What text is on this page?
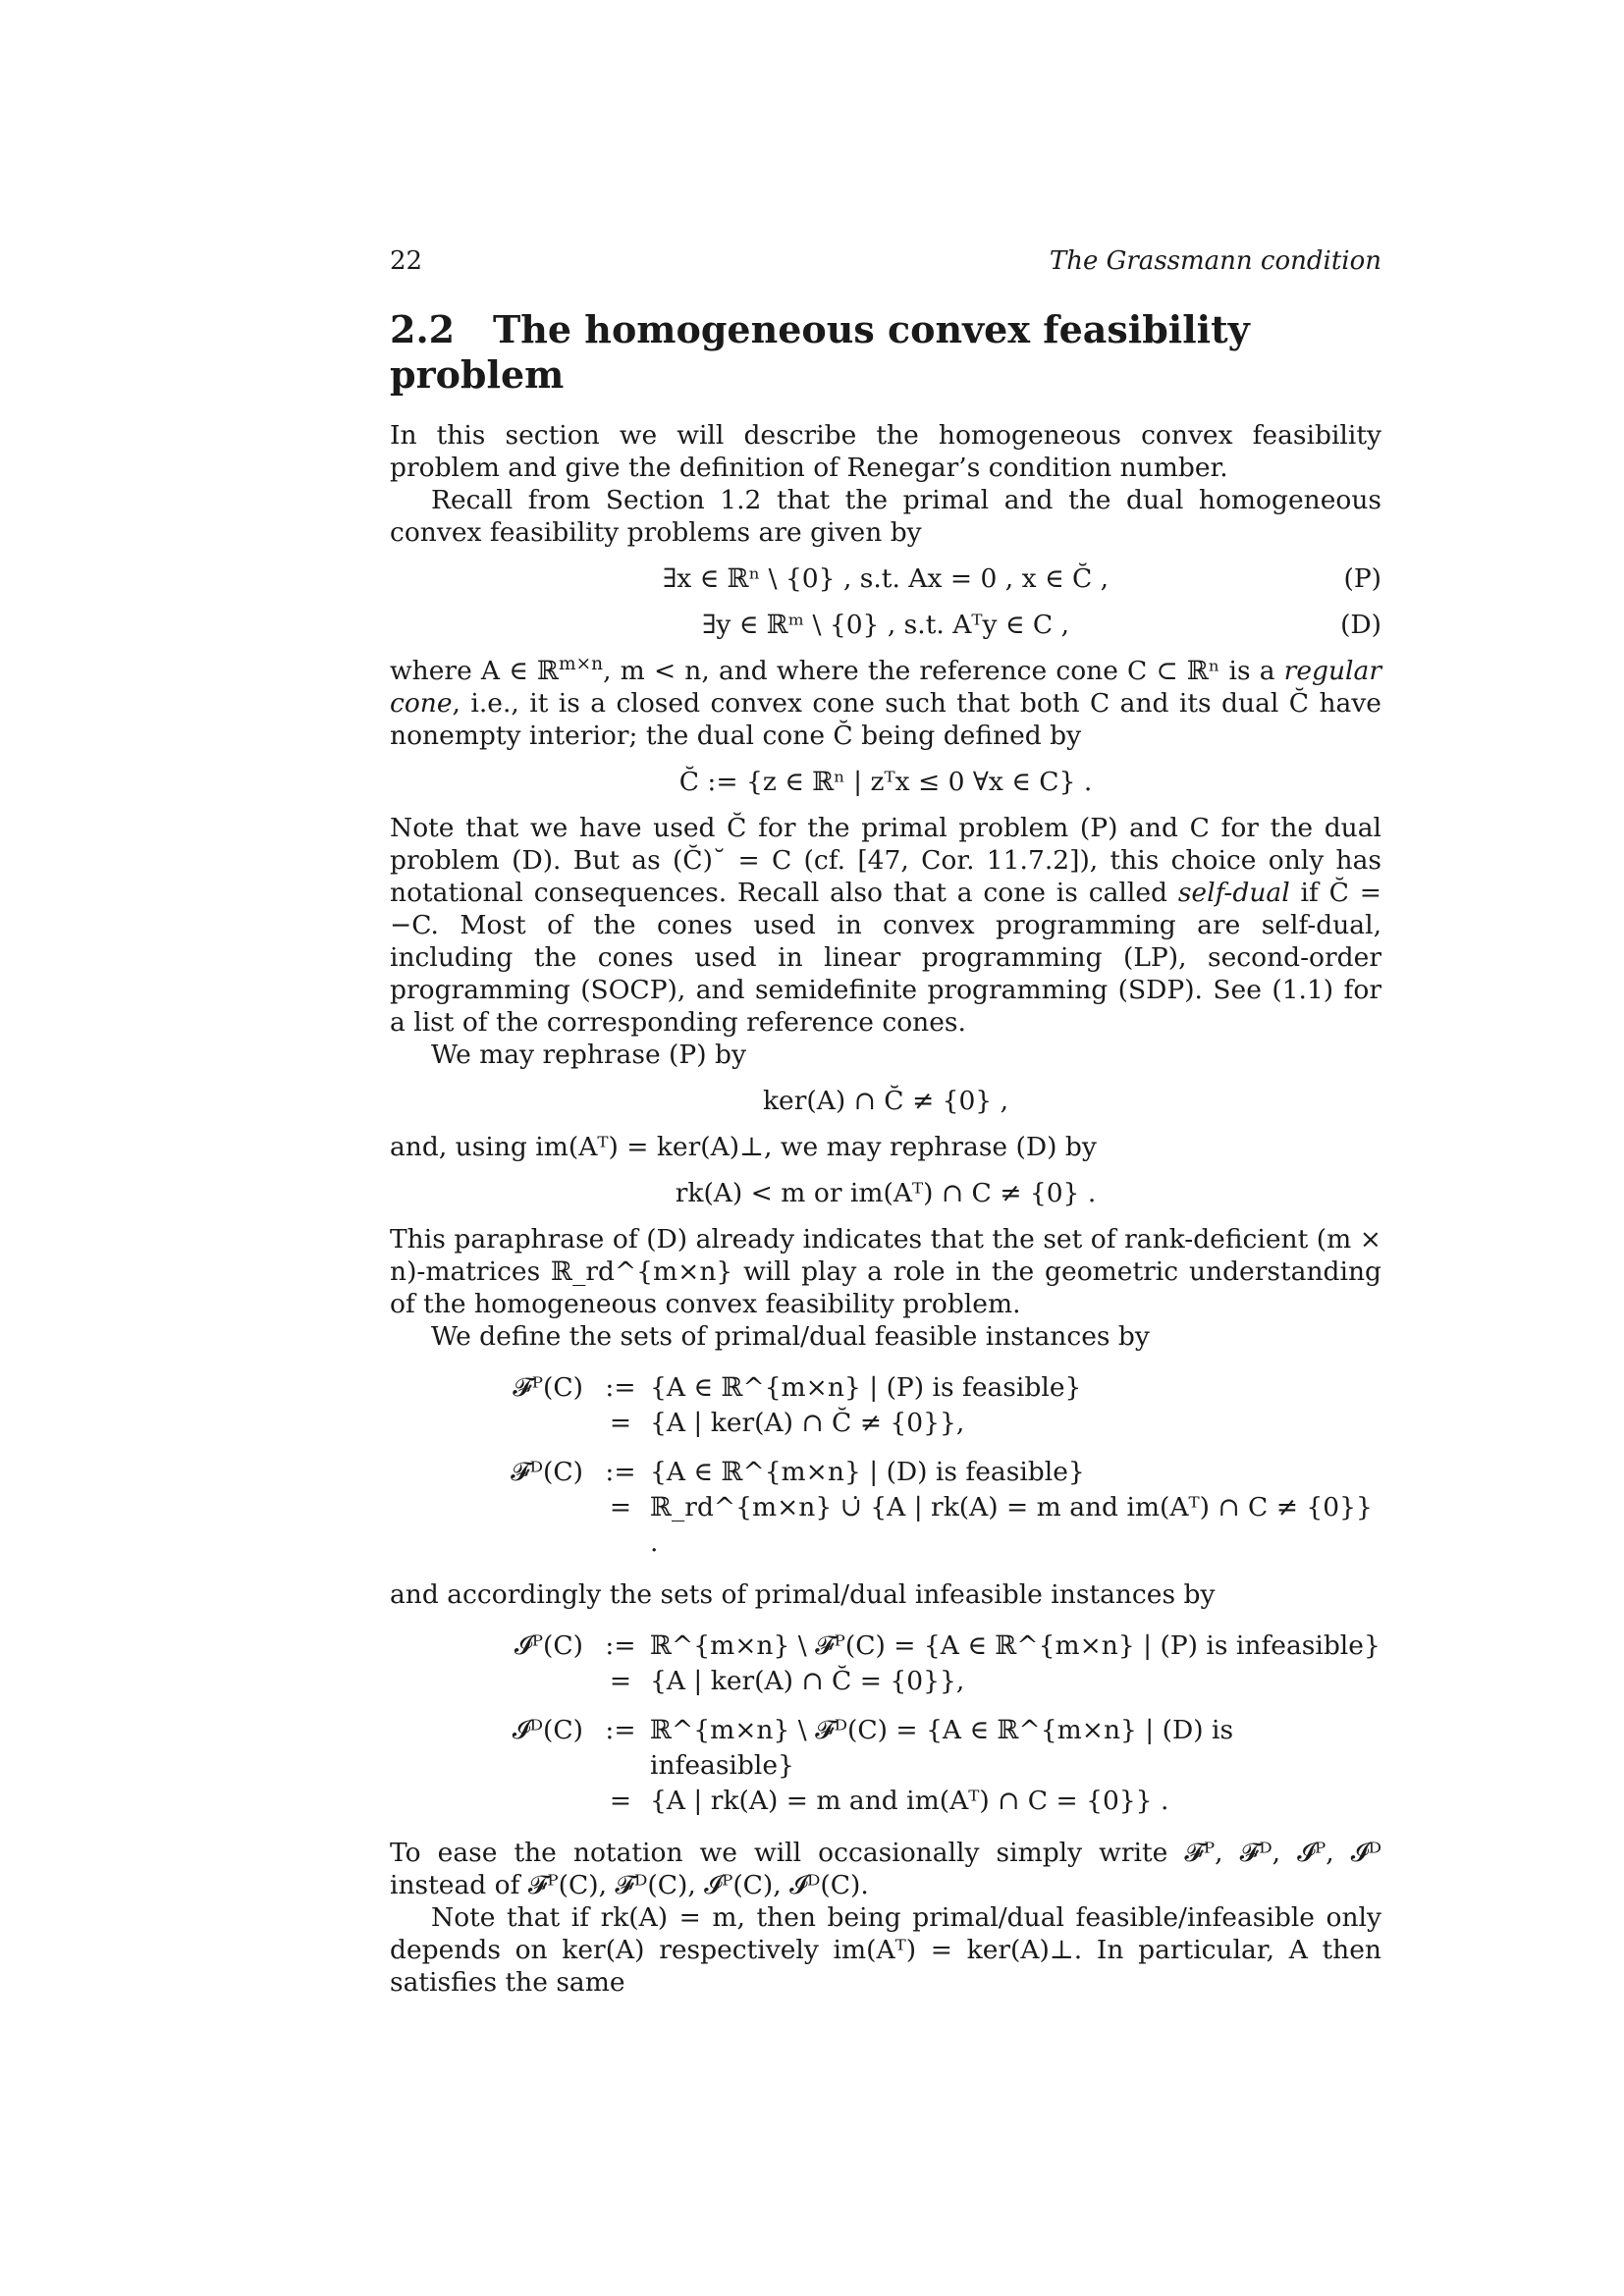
22	The Grassmann condition
2.2 The homogeneous convex feasibility problem

In this section we will describe the homogeneous convex feasibility problem and give the definition of Renegar’s condition number.

Recall from Section 1.2 that the primal and the dual homogeneous convex feasibility problems are given by

∃x ∈ ℝⁿ \ {0} , s.t. Ax = 0 , x ∈ C̆ ,	(P)
∃y ∈ ℝᵐ \ {0} , s.t. Aᵀy ∈ C ,	(D)

where A ∈ ℝ$^{m\times n}$, m < n, and where the reference cone C ⊂ ℝⁿ is a regular cone, i.e., it is a closed convex cone such that both C and its dual C̆ have nonempty interior; the dual cone C̆ being defined by

C̆ := {z ∈ ℝⁿ | zᵀx ≤ 0 ∀x ∈ C} .

Note that we have used C̆ for the primal problem (P) and C for the dual problem (D). But as (C̆)˘ = C (cf. [47, Cor. 11.7.2]), this choice only has notational consequences. Recall also that a cone is called self-dual if C̆ = −C. Most of the cones used in convex programming are self-dual, including the cones used in linear programming (LP), second-order programming (SOCP), and semidefinite programming (SDP). See (1.1) for a list of the corresponding reference cones.

We may rephrase (P) by

ker(A) ∩ C̆ ≠ {0} ,

and, using im(Aᵀ) = ker(A)⊥, we may rephrase (D) by

rk(A) < m or im(Aᵀ) ∩ C ≠ {0} .

This paraphrase of (D) already indicates that the set of rank-deficient (m × n)-matrices ℝ_rd^{m×n} will play a role in the geometric understanding of the homogeneous convex feasibility problem.

We define the sets of primal/dual feasible instances by

𝓕ᴾ(C) := {A ∈ ℝ^{m×n} | (P) is feasible}
= {A | ker(A) ∩ C̆ ≠ {0}},
𝓕ᴰ(C) := {A ∈ ℝ^{m×n} | (D) is feasible}
= ℝ_rd^{m×n} ∪̇ {A | rk(A) = m and im(Aᵀ) ∩ C ≠ {0}} .

and accordingly the sets of primal/dual infeasible instances by

𝓘ᴾ(C) := ℝ^{m×n} \ 𝓕ᴾ(C) = {A ∈ ℝ^{m×n} | (P) is infeasible}
= {A | ker(A) ∩ C̆ = {0}},
𝓘ᴰ(C) := ℝ^{m×n} \ 𝓕ᴰ(C) = {A ∈ ℝ^{m×n} | (D) is infeasible}
= {A | rk(A) = m and im(Aᵀ) ∩ C = {0}} .

To ease the notation we will occasionally simply write 𝓕ᴾ, 𝓕ᴰ, 𝓘ᴾ, 𝓘ᴰ instead of 𝓕ᴾ(C), 𝓕ᴰ(C), 𝓘ᴾ(C), 𝓘ᴰ(C).

Note that if rk(A) = m, then being primal/dual feasible/infeasible only depends on ker(A) respectively im(Aᵀ) = ker(A)⊥. In particular, A then satisfies the same
